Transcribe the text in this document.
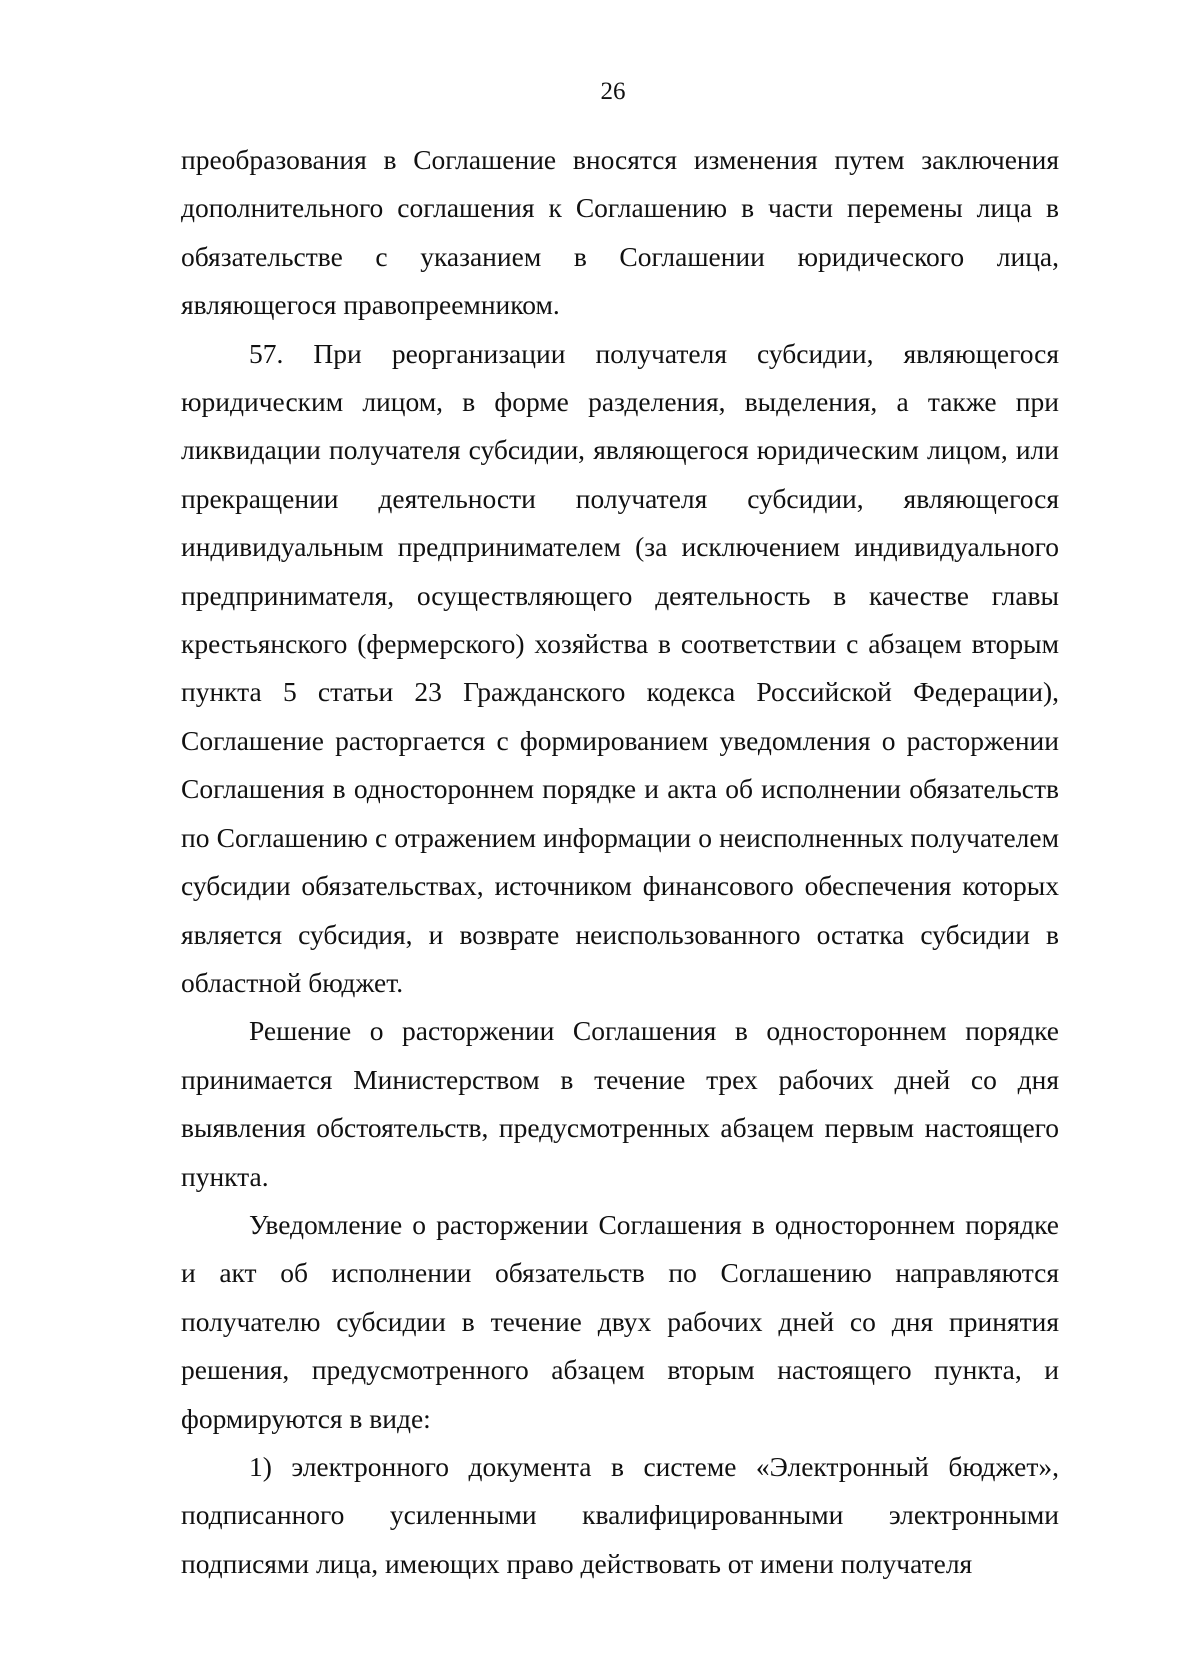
26

преобразования в Соглашение вносятся изменения путем заключения дополнительного соглашения к Соглашению в части перемены лица в обязательстве с указанием в Соглашении юридического лица, являющегося правопреемником.

57. При реорганизации получателя субсидии, являющегося юридическим лицом, в форме разделения, выделения, а также при ликвидации получателя субсидии, являющегося юридическим лицом, или прекращении деятельности получателя субсидии, являющегося индивидуальным предпринимателем (за исключением индивидуального предпринимателя, осуществляющего деятельность в качестве главы крестьянского (фермерского) хозяйства в соответствии с абзацем вторым пункта 5 статьи 23 Гражданского кодекса Российской Федерации), Соглашение расторгается с формированием уведомления о расторжении Соглашения в одностороннем порядке и акта об исполнении обязательств по Соглашению с отражением информации о неисполненных получателем субсидии обязательствах, источником финансового обеспечения которых является субсидия, и возврате неиспользованного остатка субсидии в областной бюджет.

Решение о расторжении Соглашения в одностороннем порядке принимается Министерством в течение трех рабочих дней со дня выявления обстоятельств, предусмотренных абзацем первым настоящего пункта.

Уведомление о расторжении Соглашения в одностороннем порядке и акт об исполнении обязательств по Соглашению направляются получателю субсидии в течение двух рабочих дней со дня принятия решения, предусмотренного абзацем вторым настоящего пункта, и формируются в виде:

1) электронного документа в системе «Электронный бюджет», подписанного усиленными квалифицированными электронными подписями лица, имеющих право действовать от имени получателя
